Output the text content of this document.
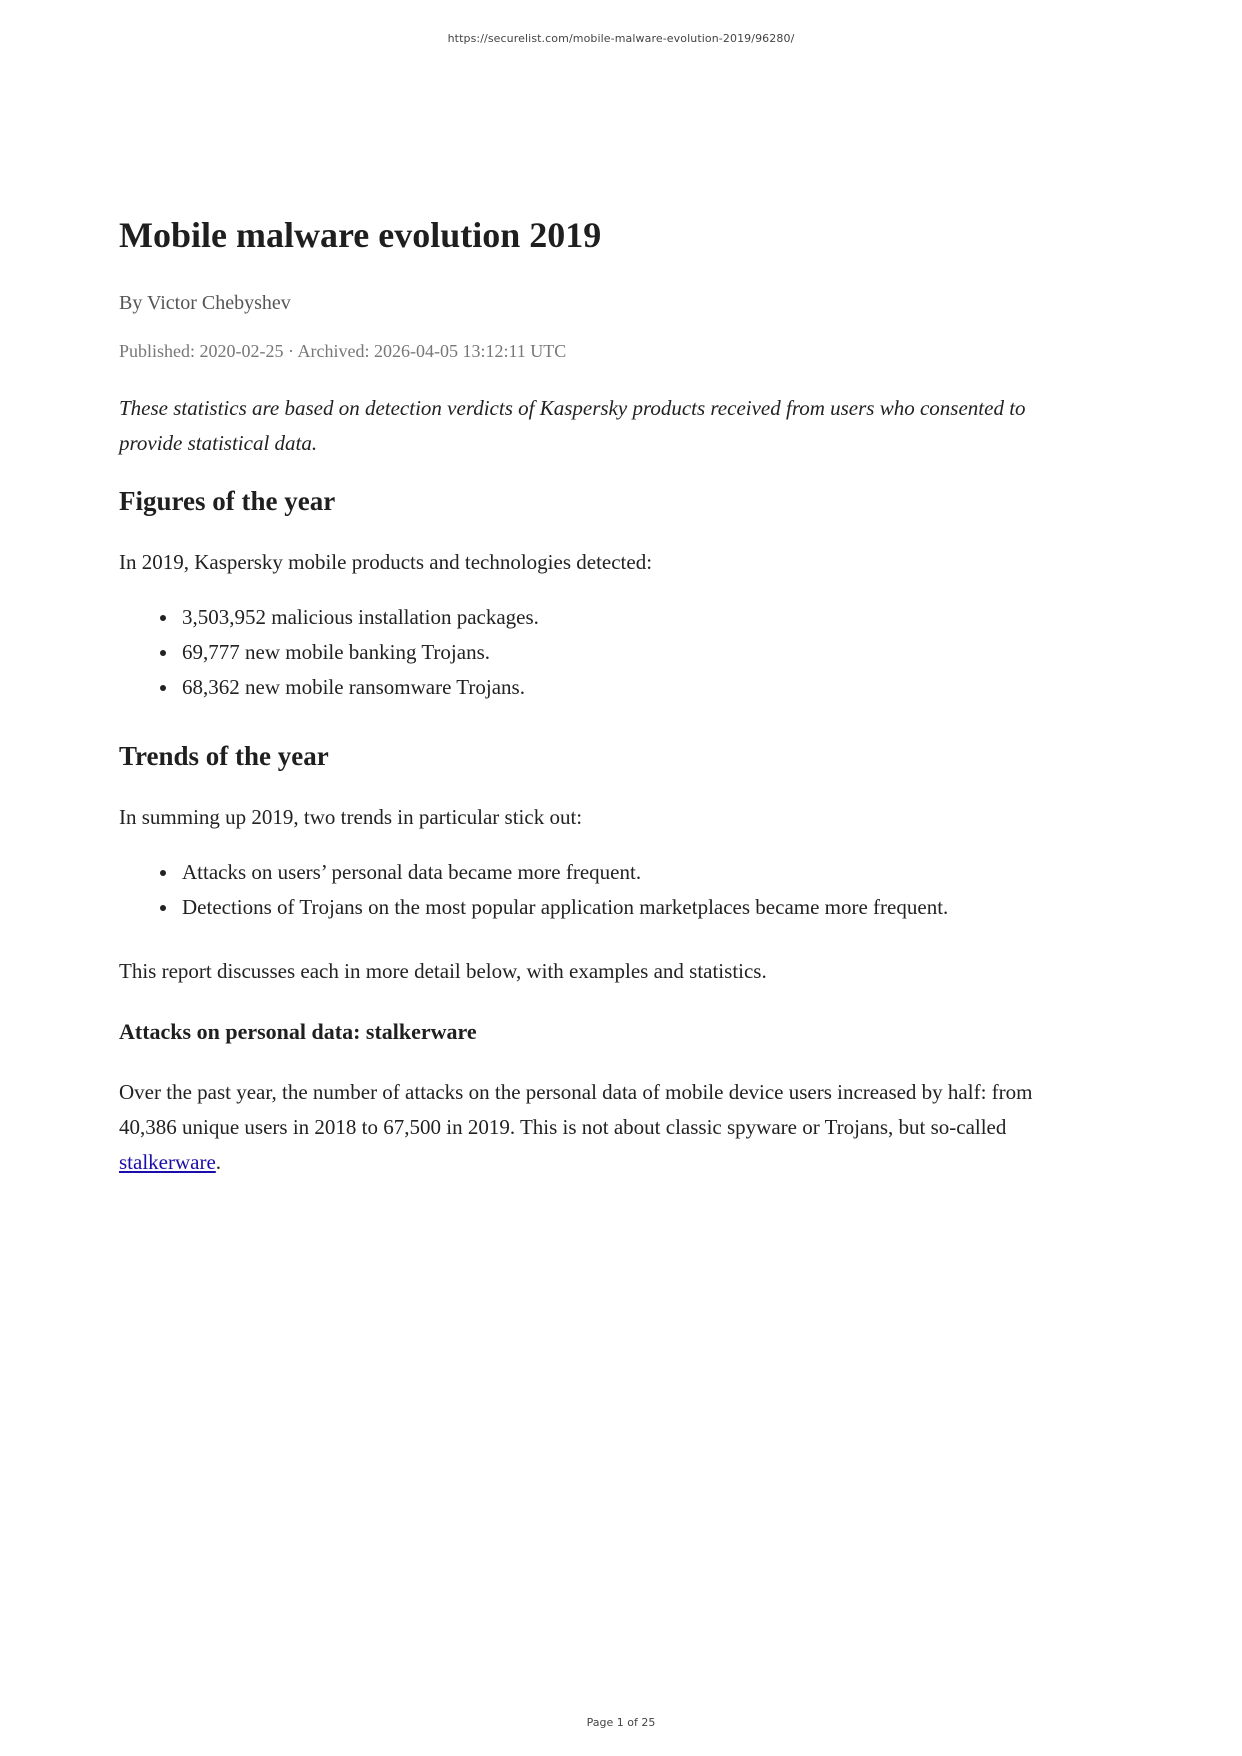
https://securelist.com/mobile-malware-evolution-2019/96280/
Mobile malware evolution 2019
By Victor Chebyshev
Published: 2020-02-25 · Archived: 2026-04-05 13:12:11 UTC

These statistics are based on detection verdicts of Kaspersky products received from users who consented to provide statistical data.

Figures of the year

In 2019, Kaspersky mobile products and technologies detected:

3,503,952 malicious installation packages.
69,777 new mobile banking Trojans.
68,362 new mobile ransomware Trojans.
Trends of the year

In summing up 2019, two trends in particular stick out:

Attacks on users’ personal data became more frequent.
Detections of Trojans on the most popular application marketplaces became more frequent.

This report discusses each in more detail below, with examples and statistics.

Attacks on personal data: stalkerware

Over the past year, the number of attacks on the personal data of mobile device users increased by half: from 40,386 unique users in 2018 to 67,500 in 2019. This is not about classic spyware or Trojans, but so-called stalkerware.

Page 1 of 25
